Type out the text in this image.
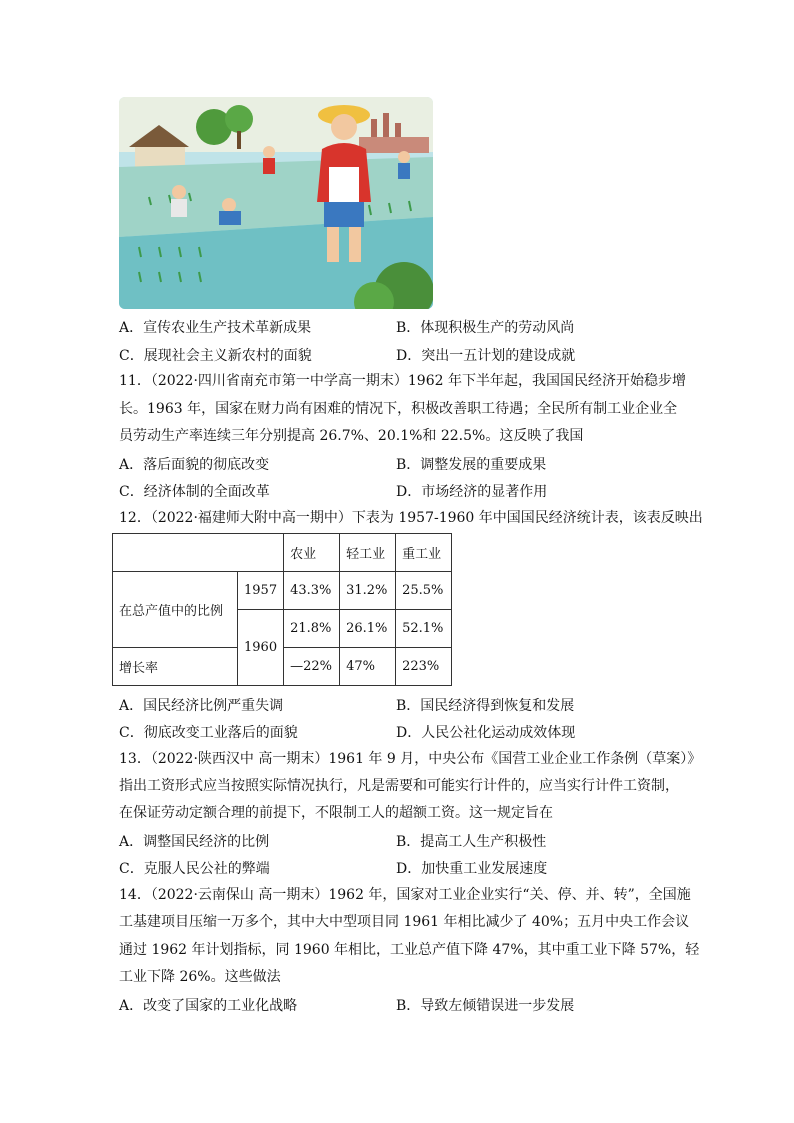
A．宣传农业生产技术革新成果	B．体现积极生产的劳动风尚
C．展现社会主义新农村的面貌	D．突出一五计划的建设成就
11．（2022·四川省南充市第一中学高一期末）1962 年下半年起，我国国民经济开始稳步增
长。1963 年，国家在财力尚有困难的情况下，积极改善职工待遇；全民所有制工业企业全
员劳动生产率连续三年分别提高 26.7%、20.1%和 22.5%。这反映了我国
A．落后面貌的彻底改变	B．调整发展的重要成果
C．经济体制的全面改革	D．市场经济的显著作用
12．（2022·福建师大附中高一期中）下表为 1957-1960 年中国国民经济统计表，该表反映出
		农业	轻工业	重工业
在总产值中的比例	1957	43.3%	31.2%	25.5%
	1960	21.8%	26.1%	52.1%
增长率		—22%	47%	223%
A．国民经济比例严重失调	B．国民经济得到恢复和发展
C．彻底改变工业落后的面貌	D．人民公社化运动成效体现
13．（2022·陕西汉中 高一期末）1961 年 9 月，中央公布《国营工业企业工作条例（草案）》
指出工资形式应当按照实际情况执行，凡是需要和可能实行计件的，应当实行计件工资制，
在保证劳动定额合理的前提下，不限制工人的超额工资。这一规定旨在
A．调整国民经济的比例	B．提高工人生产积极性
C．克服人民公社的弊端	D．加快重工业发展速度
14．（2022·云南保山 高一期末）1962 年，国家对工业企业实行“关、停、并、转”，全国施
工基建项目压缩一万多个，其中大中型项目同 1961 年相比减少了 40%；五月中央工作会议
通过 1962 年计划指标，同 1960 年相比，工业总产值下降 47%，其中重工业下降 57%，轻
工业下降 26%。这些做法
A．改变了国家的工业化战略	B．导致左倾错误进一步发展
